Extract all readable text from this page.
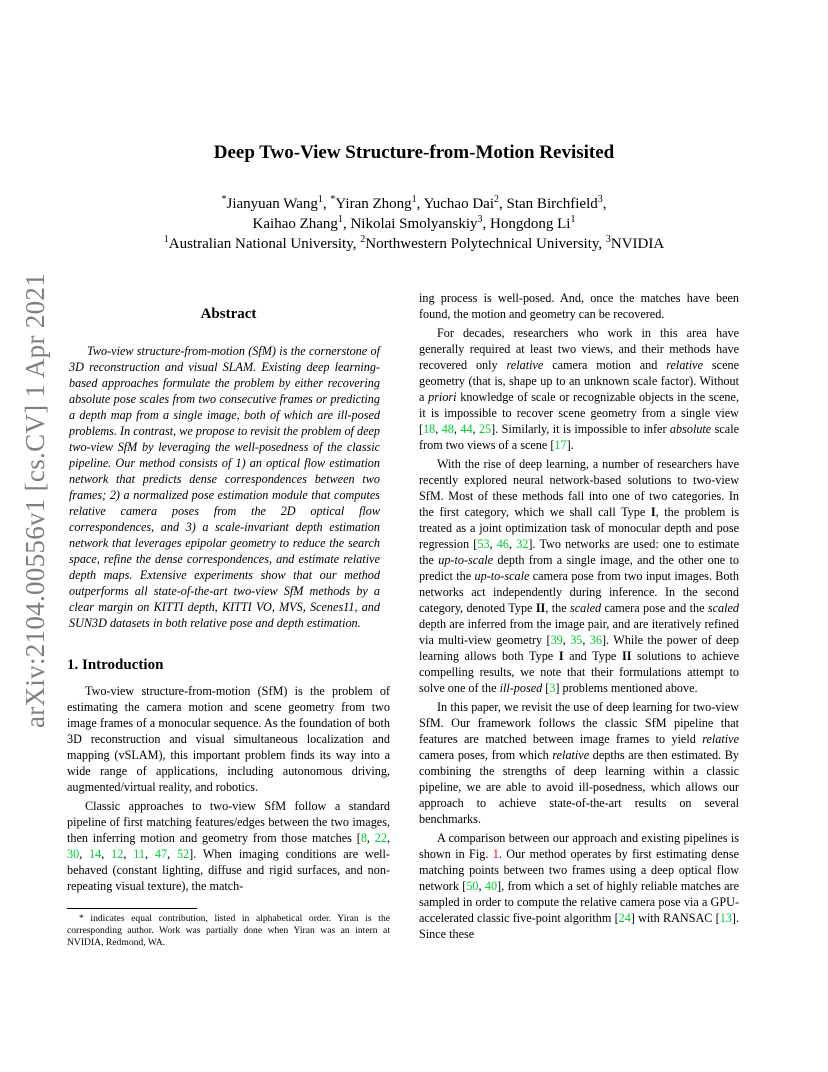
arXiv:2104.00556v1 [cs.CV] 1 Apr 2021
Deep Two-View Structure-from-Motion Revisited
*Jianyuan Wang$^1$, *Yiran Zhong$^1$, Yuchao Dai$^2$, Stan Birchfield$^3$,
Kaihao Zhang$^1$, Nikolai Smolyanskiy$^3$, Hongdong Li$^1$
$^1$Australian National University, $^2$Northwestern Polytechnical University, $^3$NVIDIA
Abstract

Two-view structure-from-motion (SfM) is the cornerstone of 3D reconstruction and visual SLAM. Existing deep learning-based approaches formulate the problem by either recovering absolute pose scales from two consecutive frames or predicting a depth map from a single image, both of which are ill-posed problems. In contrast, we propose to revisit the problem of deep two-view SfM by leveraging the well-posedness of the classic pipeline. Our method consists of 1) an optical flow estimation network that predicts dense correspondences between two frames; 2) a normalized pose estimation module that computes relative camera poses from the 2D optical flow correspondences, and 3) a scale-invariant depth estimation network that leverages epipolar geometry to reduce the search space, refine the dense correspondences, and estimate relative depth maps. Extensive experiments show that our method outperforms all state-of-the-art two-view SfM methods by a clear margin on KITTI depth, KITTI VO, MVS, Scenes11, and SUN3D datasets in both relative pose and depth estimation.

1. Introduction

Two-view structure-from-motion (SfM) is the problem of estimating the camera motion and scene geometry from two image frames of a monocular sequence. As the foundation of both 3D reconstruction and visual simultaneous localization and mapping (vSLAM), this important problem finds its way into a wide range of applications, including autonomous driving, augmented/virtual reality, and robotics.

Classic approaches to two-view SfM follow a standard pipeline of first matching features/edges between the two images, then inferring motion and geometry from those matches [8, 22, 30, 14, 12, 11, 47, 52]. When imaging conditions are well-behaved (constant lighting, diffuse and rigid surfaces, and non-repeating visual texture), the match-

* indicates equal contribution, listed in alphabetical order. Yiran is the corresponding author. Work was partially done when Yiran was an intern at NVIDIA, Redmond, WA.

ing process is well-posed. And, once the matches have been found, the motion and geometry can be recovered.

For decades, researchers who work in this area have generally required at least two views, and their methods have recovered only relative camera motion and relative scene geometry (that is, shape up to an unknown scale factor). Without a priori knowledge of scale or recognizable objects in the scene, it is impossible to recover scene geometry from a single view [18, 48, 44, 25]. Similarly, it is impossible to infer absolute scale from two views of a scene [17].

With the rise of deep learning, a number of researchers have recently explored neural network-based solutions to two-view SfM. Most of these methods fall into one of two categories. In the first category, which we shall call Type I, the problem is treated as a joint optimization task of monocular depth and pose regression [53, 46, 32]. Two networks are used: one to estimate the up-to-scale depth from a single image, and the other one to predict the up-to-scale camera pose from two input images. Both networks act independently during inference. In the second category, denoted Type II, the scaled camera pose and the scaled depth are inferred from the image pair, and are iteratively refined via multi-view geometry [39, 35, 36]. While the power of deep learning allows both Type I and Type II solutions to achieve compelling results, we note that their formulations attempt to solve one of the ill-posed [3] problems mentioned above.

In this paper, we revisit the use of deep learning for two-view SfM. Our framework follows the classic SfM pipeline that features are matched between image frames to yield relative camera poses, from which relative depths are then estimated. By combining the strengths of deep learning within a classic pipeline, we are able to avoid ill-posedness, which allows our approach to achieve state-of-the-art results on several benchmarks.

A comparison between our approach and existing pipelines is shown in Fig. 1. Our method operates by first estimating dense matching points between two frames using a deep optical flow network [50, 40], from which a set of highly reliable matches are sampled in order to compute the relative camera pose via a GPU-accelerated classic five-point algorithm [24] with RANSAC [13]. Since these
